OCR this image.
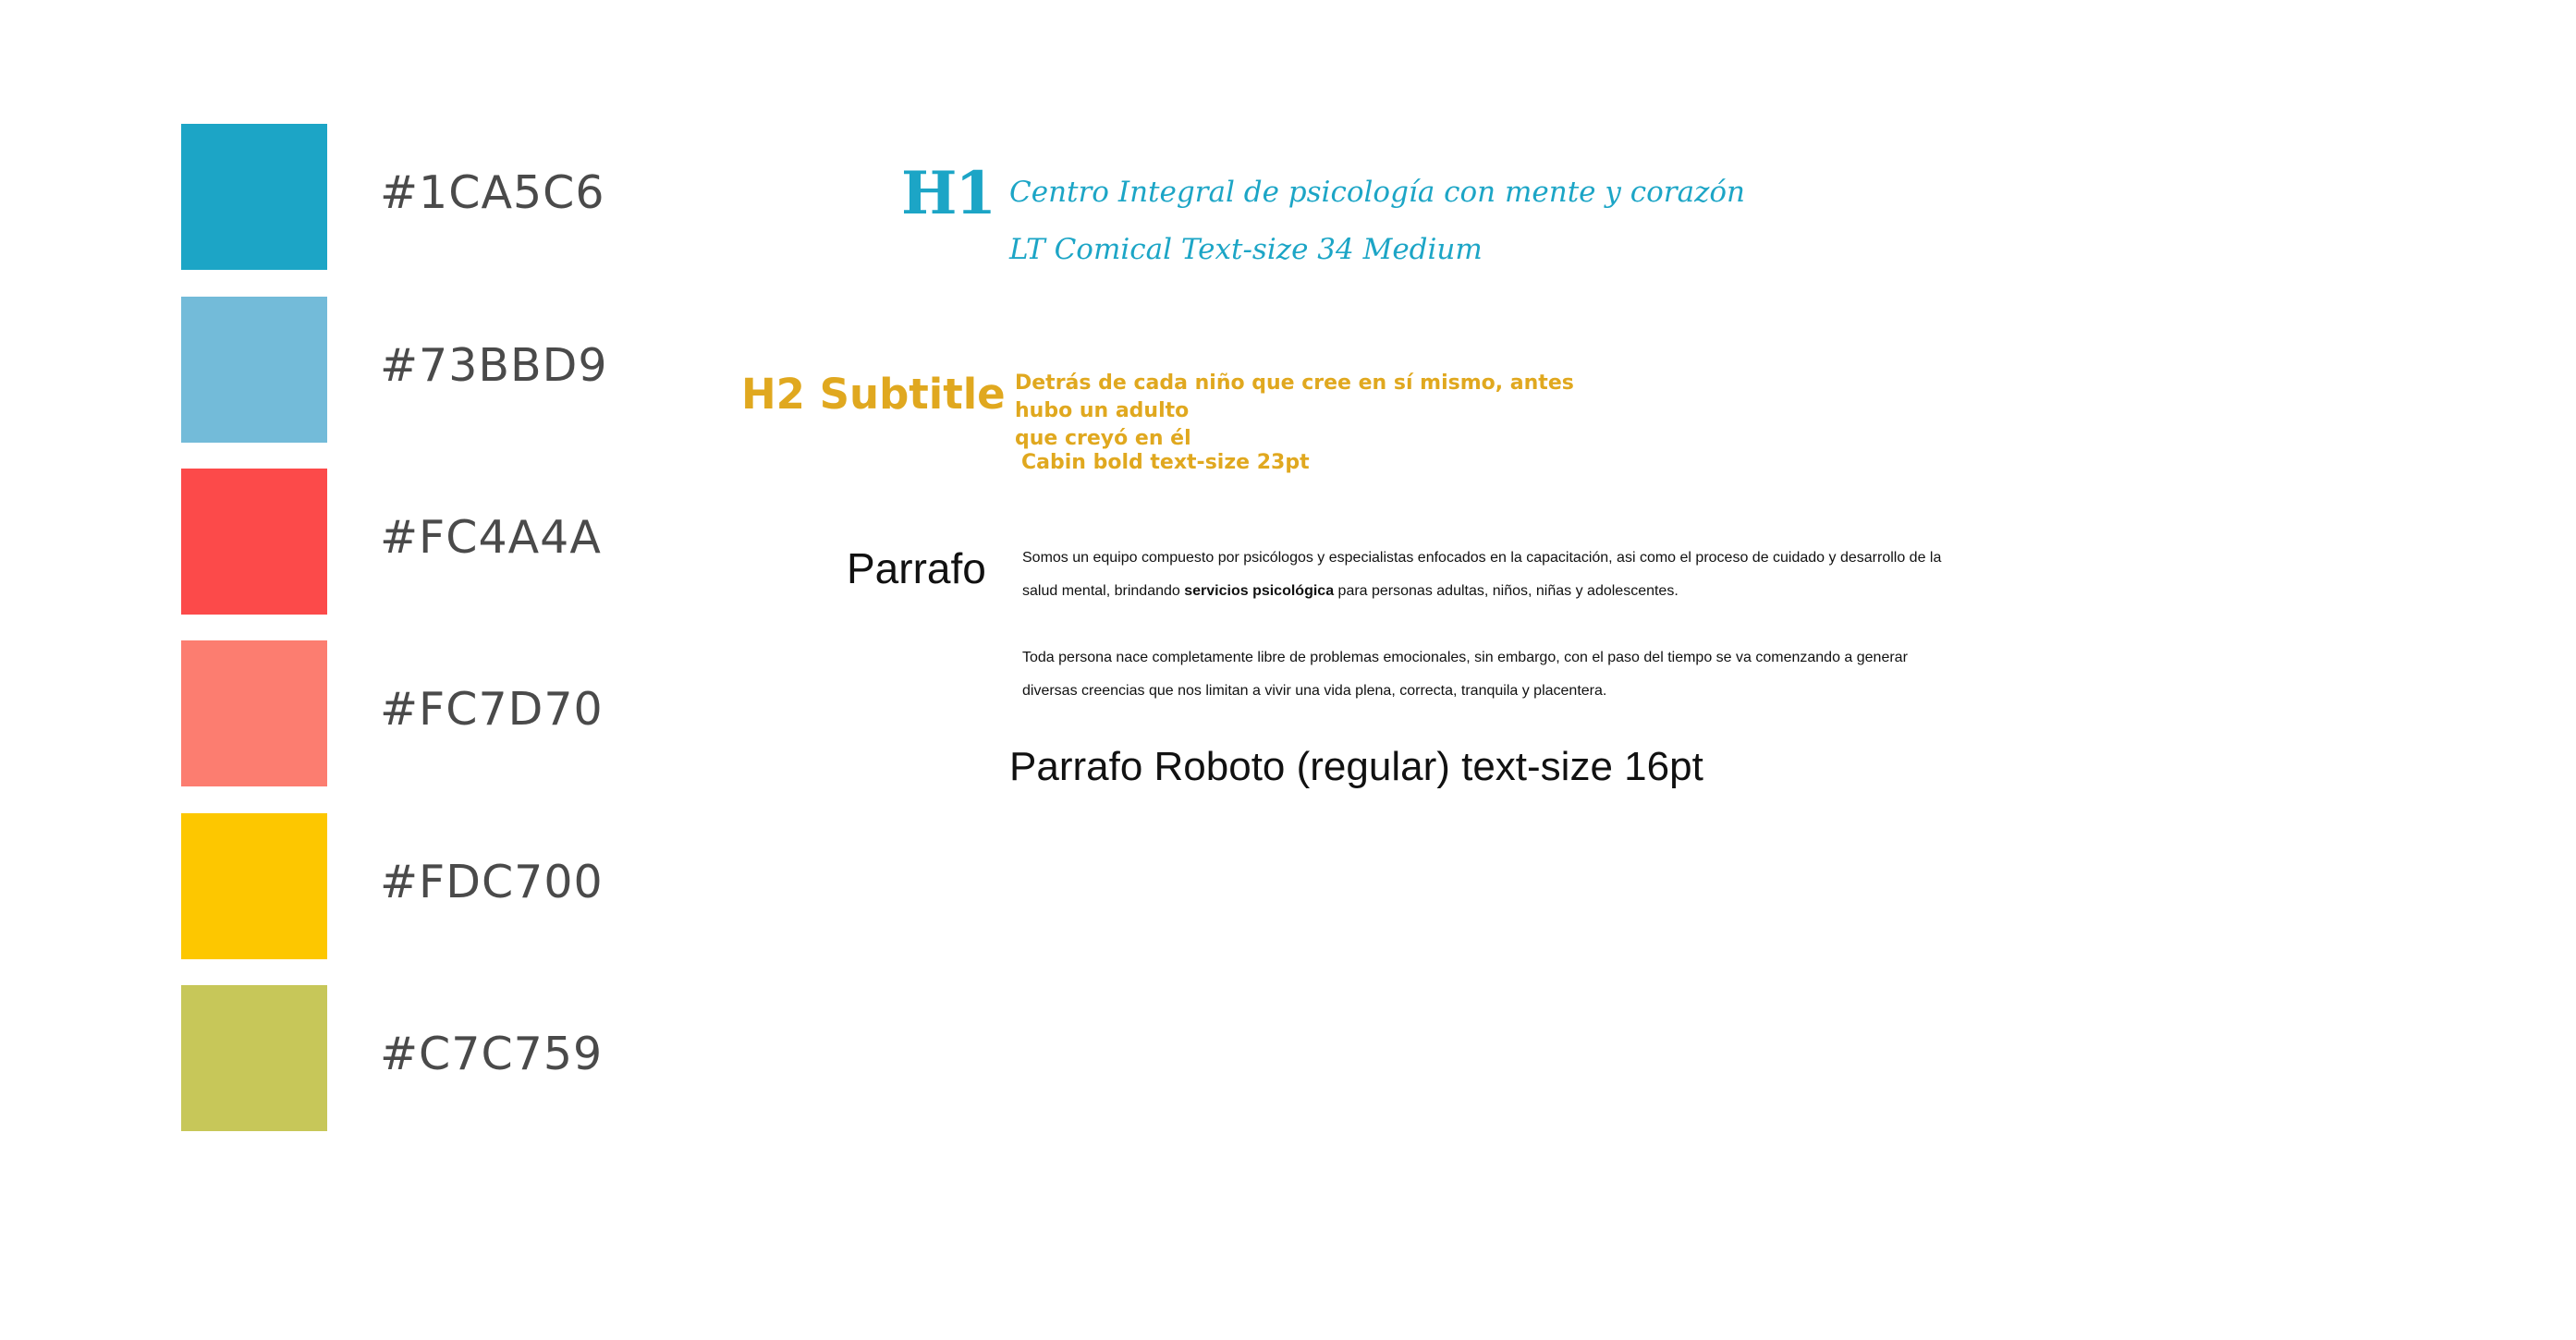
#1CA5C6
#73BBD9
#FC4A4A
#FC7D70
#FDC700
#C7C759
H1 Centro Integral de psicología con mente y corazón
LT Comical Text-size 34 Medium
H2 Subtitle Detrás de cada niño que cree en sí mismo, antes hubo un adulto
que creyó en él
Cabin bold text-size 23pt
Parrafo Somos un equipo compuesto por psicólogos y especialistas enfocados en la capacitación, asi como el proceso de cuidado y desarrollo de la salud mental, brindando servicios psicológica para personas adultas, niños, niñas y adolescentes.

Toda persona nace completamente libre de problemas emocionales, sin embargo, con el paso del tiempo se va comenzando a generar diversas creencias que nos limitan a vivir una vida plena, correcta, tranquila y placentera.

Parrafo Roboto (regular) text-size 16pt
